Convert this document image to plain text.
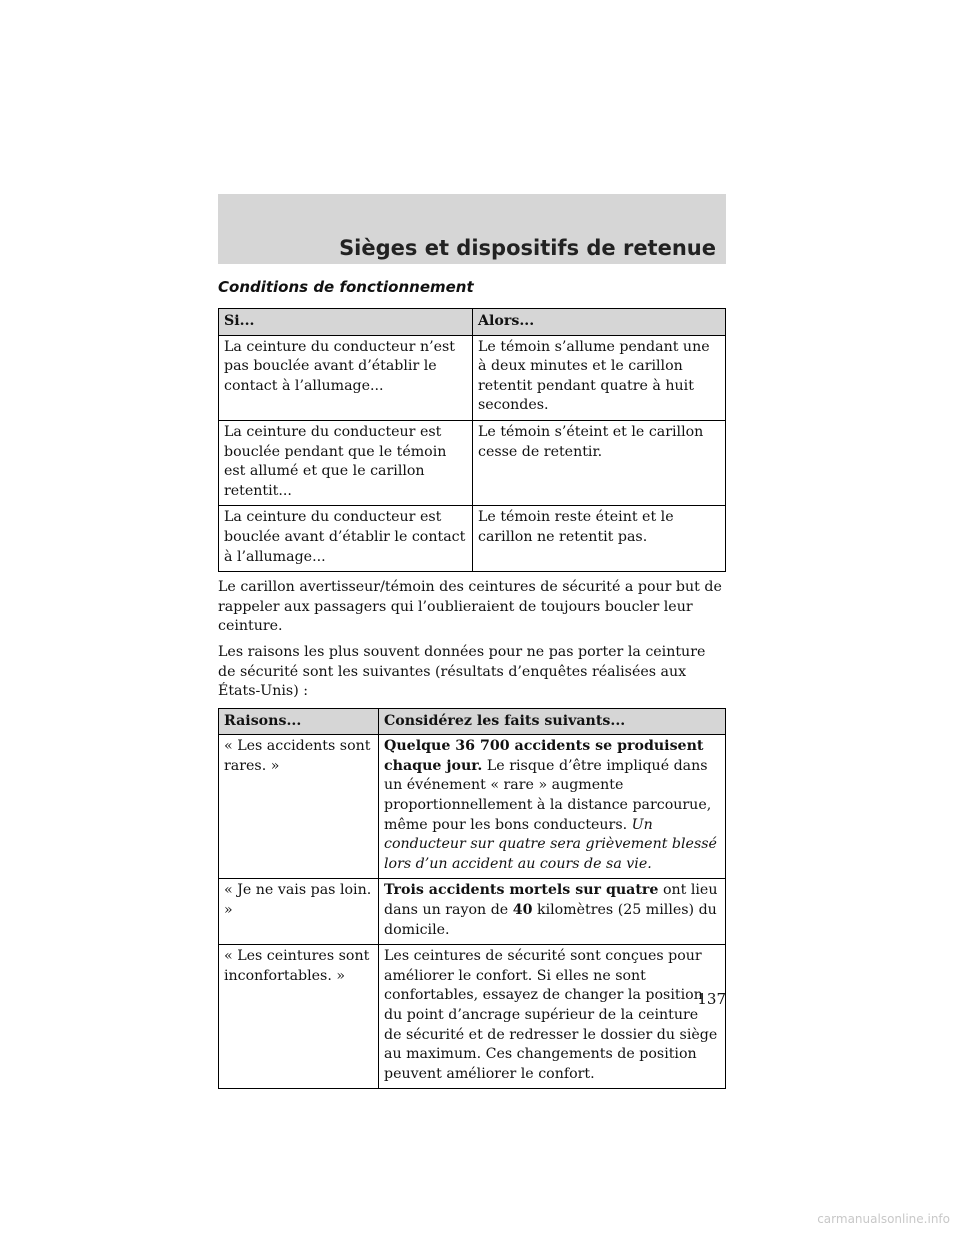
Sièges et dispositifs de retenue
Conditions de fonctionnement
Si...	Alors...
La ceinture du conducteur n’est pas bouclée avant d’établir le contact à l’allumage...	Le témoin s’allume pendant une à deux minutes et le carillon retentit pendant quatre à huit secondes.
La ceinture du conducteur est bouclée pendant que le témoin est allumé et que le carillon retentit...	Le témoin s’éteint et le carillon cesse de retentir.
La ceinture du conducteur est bouclée avant d’établir le contact à l’allumage...	Le témoin reste éteint et le carillon ne retentit pas.

Le carillon avertisseur/témoin des ceintures de sécurité a pour but de rappeler aux passagers qui l’oublieraient de toujours boucler leur ceinture.

Les raisons les plus souvent données pour ne pas porter la ceinture de sécurité sont les suivantes (résultats d’enquêtes réalisées aux États-Unis) :

Raisons...	Considérez les faits suivants...
« Les accidents sont rares. »	Quelque 36 700 accidents se produisent chaque jour. Le risque d’être impliqué dans un événement « rare » augmente proportionnellement à la distance parcourue, même pour les bons conducteurs. Un conducteur sur quatre sera grièvement blessé lors d’un accident au cours de sa vie.
« Je ne vais pas loin. »	Trois accidents mortels sur quatre ont lieu dans un rayon de 40 kilomètres (25 milles) du domicile.
« Les ceintures sont inconfortables. »	Les ceintures de sécurité sont conçues pour améliorer le confort. Si elles ne sont confortables, essayez de changer la position du point d’ancrage supérieur de la ceinture de sécurité et de redresser le dossier du siège au maximum. Ces changements de position peuvent améliorer le confort.
137
carmanualsonline.info
